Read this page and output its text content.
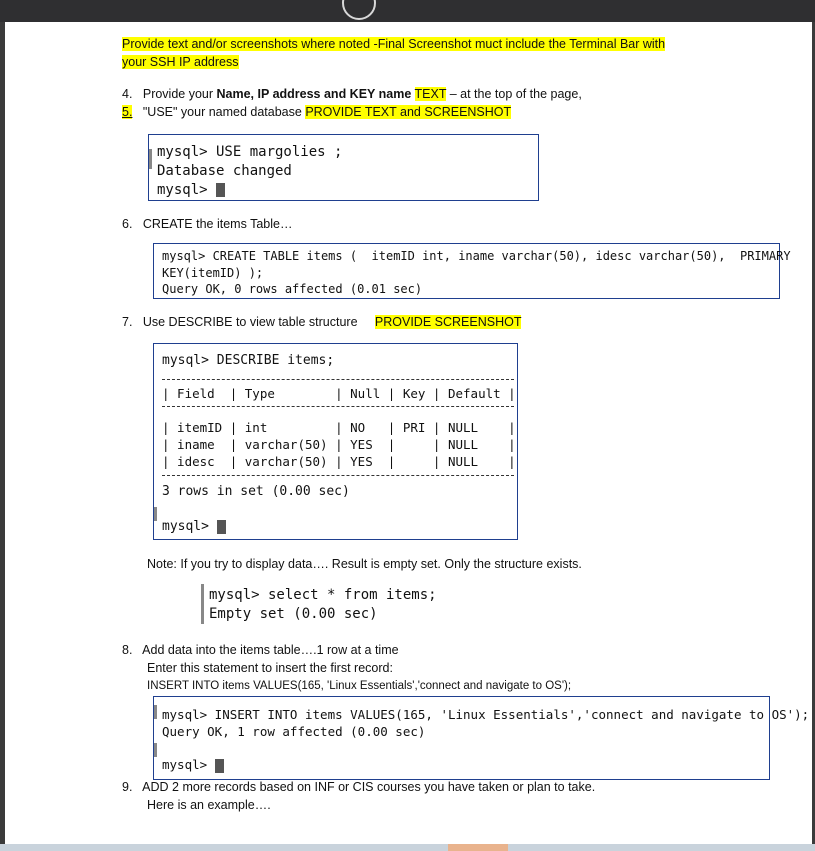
Provide text and/or screenshots where noted -Final Screenshot muct include the Terminal Bar with
your SSH IP address
4. Provide your Name, IP address and KEY name TEXT – at the top of the page,
5. "USE" your named database PROVIDE TEXT and SCREENSHOT
mysql> USE margolies ;
Database changed
mysql>
6. CREATE the items Table…
mysql> CREATE TABLE items (  itemID int, iname varchar(50), idesc varchar(50),  PRIMARY
KEY(itemID) );
Query OK, 0 rows affected (0.01 sec)
7. Use DESCRIBE to view table structure     PROVIDE SCREENSHOT
mysql> DESCRIBE items;
| Field  | Type        | Null | Key | Default |
| itemID | int         | NO   | PRI | NULL    |
| iname  | varchar(50) | YES  |     | NULL    |
| idesc  | varchar(50) | YES  |     | NULL    |
3 rows in set (0.00 sec)
mysql>
Note: If you try to display data…. Result is empty set. Only the structure exists.
mysql> select * from items;
Empty set (0.00 sec)
8. Add data into the items table….1 row at a time
Enter this statement to insert the first record:
INSERT INTO items VALUES(165, 'Linux Essentials','connect and navigate to OS');
mysql> INSERT INTO items VALUES(165, 'Linux Essentials','connect and navigate to OS');
Query OK, 1 row affected (0.00 sec)
mysql>
9. ADD 2 more records based on INF or CIS courses you have taken or plan to take.
Here is an example….
